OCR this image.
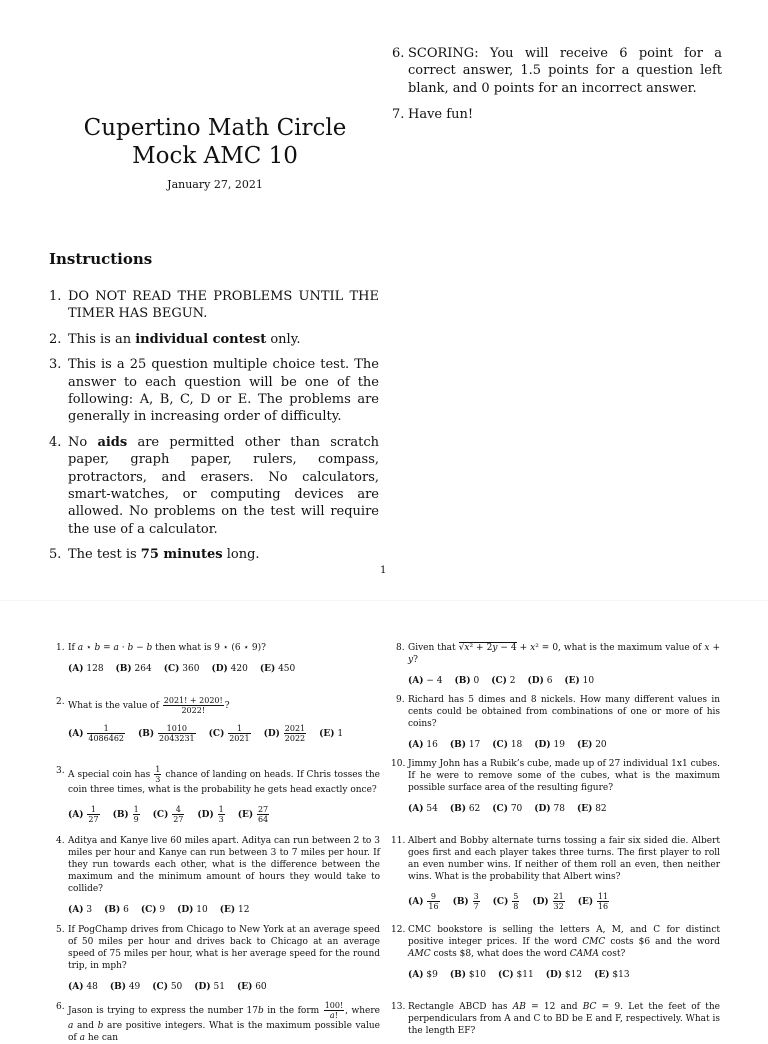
Cupertino Math Circle
Mock AMC 10
January 27, 2021
Instructions
1. DO NOT READ THE PROBLEMS UNTIL THE TIMER HAS BEGUN.
2. This is an individual contest only.
3. This is a 25 question multiple choice test. The answer to each question will be one of the following: A, B, C, D or E. The problems are generally in increasing order of difficulty.
4. No aids are permitted other than scratch paper, graph paper, rulers, compass, protractors, and erasers. No calculators, smart-watches, or computing devices are allowed. No problems on the test will require the use of a calculator.
5. The test is 75 minutes long.
6. SCORING: You will receive 6 point for a correct answer, 1.5 points for a question left blank, and 0 points for an incorrect answer.
7. Have fun!
1
1. If a ⋆ b = a · b − b then what is 9 ⋆ (6 ⋆ 9)?
(A) 128 (B) 264 (C) 360 (D) 420 (E) 450
2. What is the value of $\frac{2021! + 2020!}{2022!}$ ?
$(A) \frac{1}{4086462} (B) \frac{1010}{2043231} (C) \frac{1}{2021} (D) \frac{2021}{2022} (E)$ 1
3. A special coin has $\frac{1}{3}$ chance of landing on heads. If Chris tosses the coin three times, what is the probability he gets head exactly once?
$(A) \frac{1}{27} (B) \frac{1}{9} (C) \frac{4}{27} (D) \frac{1}{3} (E) \frac{27}{64}$
4. Aditya and Kanye live 60 miles apart. Aditya can run between 2 to 3 miles per hour and Kanye can run between 3 to 7 miles per hour. If they run towards each other, what is the difference between the maximum and the minimum amount of hours they would take to collide?
(A) 3 (B) 6 (C) 9 (D) 10 (E) 12
5. If PogChamp drives from Chicago to New York at an average speed of 50 miles per hour and drives back to Chicago at an average speed of 75 miles per hour, what is her average speed for the round trip, in mph?
(A) 48 (B) 49 (C) 50 (D) 51 (E) 60
6. Jason is trying to express the number 17b in the form $\frac{100!}{a!}$ , where a and b are positive integers. What is the maximum possible value of a he can
8. Given that √x² + 2y − 4 + x² = 0, what is the maximum value of x + y?
(A) − 4 (B) 0 (C) 2 (D) 6 (E) 10
9. Richard has 5 dimes and 8 nickels. How many different values in cents could be obtained from combinations of one or more of his coins?
(A) 16 (B) 17 (C) 18 (D) 19 (E) 20
10. Jimmy John has a Rubik’s cube, made up of 27 individual 1x1 cubes. If he were to remove some of the cubes, what is the maximum possible surface area of the resulting figure?
(A) 54 (B) 62 (C) 70 (D) 78 (E) 82
11. Albert and Bobby alternate turns tossing a fair six sided die. Albert goes first and each player takes three turns. The first player to roll an even number wins. If neither of them roll an even, then neither wins. What is the probability that Albert wins?
$(A) \frac{9}{16} (B) \frac{3}{7} (C) \frac{5}{8} (D) \frac{21}{32} (E) \frac{11}{16}$
12. CMC bookstore is selling the letters A, M, and C for distinct positive integer prices. If the word CMC costs $6 and the word AMC costs $8, what does the word CAMA cost?
(A) $9 (B) $10 (C) $11 (D) $12 (E) $13
13. Rectangle ABCD has AB = 12 and BC = 9. Let the feet of the perpendiculars from A and C to BD be E and F, respectively. What is the length EF?
